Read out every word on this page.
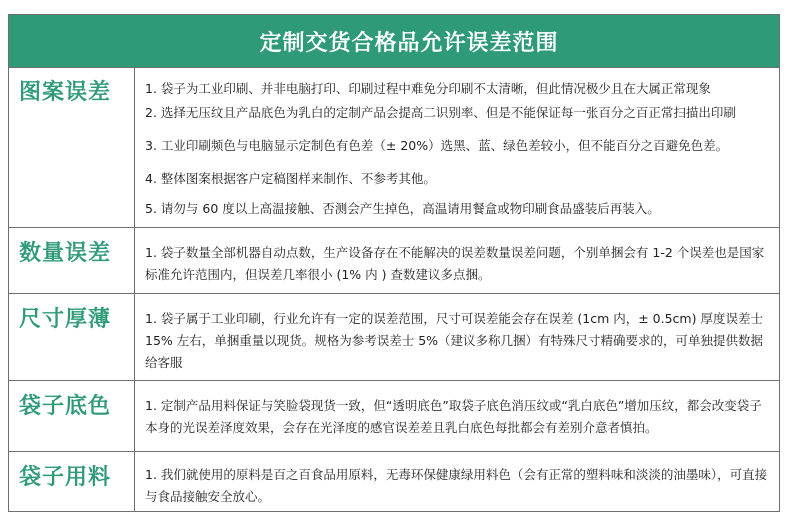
定制交货合格品允许误差范围
图案误差	1. 袋子为工业印刷、并非电脑打印、印刷过程中难免分印刷不太清晰，但此情况极少且在大属正常现象
2. 选择无压纹且产品底色为乳白的定制产品会提高二识别率、但是不能保证每一张百分之百正常扫描出印刷
3. 工业印刷频色与电脑显示定制色有色差（± 20%）选黑、蓝、绿色差较小，但不能百分之百避免色差。
4. 整体图案根据客户定稿图样来制作、不参考其他。
5. 请勿与 60 度以上高温接触、否测会产生掉色，高温请用餐盒或物印刷食品盛装后再装入。
数量误差	1. 袋子数量全部机器自动点数，生产设备存在不能解决的误差数量误差问题，个别单捆会有 1-2 个误差也是国家标准允许范围内，但误差几率很小 (1% 内 ) 查数建议多点捆。
尺寸厚薄	1. 袋子属于工业印刷，行业允许有一定的误差范围，尺寸可误差能会存在误差 (1cm 内，± 0.5cm) 厚度误差士 15% 左右，单捆重量以现货。规格为参考误差士 5%（建议多称几捆）有特殊尺寸精确要求的，可单独提供数据给客服
袋子底色	1. 定制产品用料保证与笑脸袋现货一致，但“透明底色”取袋子底色消压纹或“乳白底色”增加压纹，都会改变袋子本身的光误差泽度效果，会存在光泽度的感官误差差且乳白底色每批都会有差别介意者慎拍。
袋子用料	1. 我们就使用的原料是百之百食品用原料，无毒环保健康绿用料色（会有正常的塑料味和淡淡的油墨味），可直接与食品接触安全放心。
